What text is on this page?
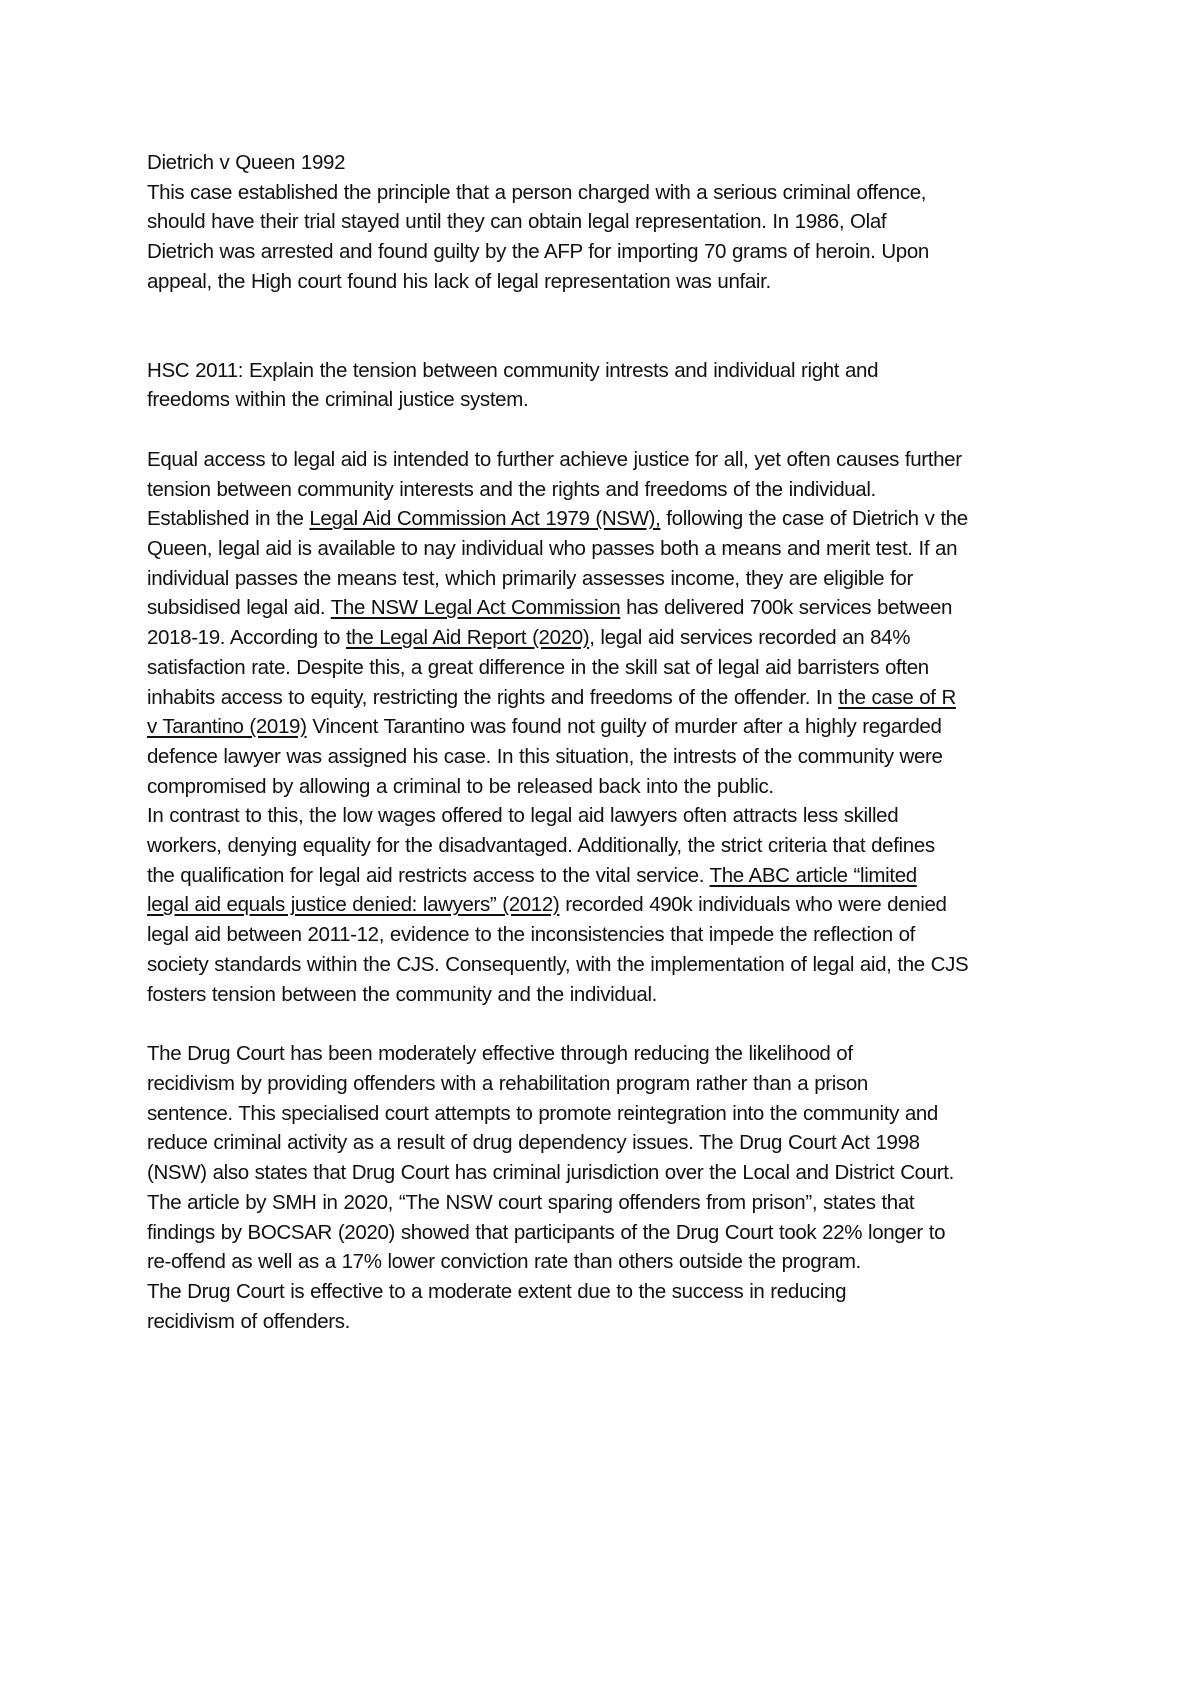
Dietrich v Queen 1992
This case established the principle that a person charged with a serious criminal offence,
should have their trial stayed until they can obtain legal representation. In 1986, Olaf
Dietrich was arrested and found guilty by the AFP for importing 70 grams of heroin. Upon
appeal, the High court found his lack of legal representation was unfair.

HSC 2011: Explain the tension between community intrests and individual right and
freedoms within the criminal justice system.

Equal access to legal aid is intended to further achieve justice for all, yet often causes further
tension between community interests and the rights and freedoms of the individual.
Established in the Legal Aid Commission Act 1979 (NSW), following the case of Dietrich v the
Queen, legal aid is available to nay individual who passes both a means and merit test. If an
individual passes the means test, which primarily assesses income, they are eligible for
subsidised legal aid. The NSW Legal Act Commission has delivered 700k services between
2018-19. According to the Legal Aid Report (2020), legal aid services recorded an 84%
satisfaction rate. Despite this, a great difference in the skill sat of legal aid barristers often
inhabits access to equity, restricting the rights and freedoms of the offender. In the case of R
v Tarantino (2019) Vincent Tarantino was found not guilty of murder after a highly regarded
defence lawyer was assigned his case. In this situation, the intrests of the community were
compromised by allowing a criminal to be released back into the public.

In contrast to this, the low wages offered to legal aid lawyers often attracts less skilled
workers, denying equality for the disadvantaged. Additionally, the strict criteria that defines
the qualification for legal aid restricts access to the vital service. The ABC article “limited
legal aid equals justice denied: lawyers” (2012) recorded 490k individuals who were denied
legal aid between 2011-12, evidence to the inconsistencies that impede the reflection of
society standards within the CJS. Consequently, with the implementation of legal aid, the CJS
fosters tension between the community and the individual.

The Drug Court has been moderately effective through reducing the likelihood of
recidivism by providing offenders with a rehabilitation program rather than a prison
sentence. This specialised court attempts to promote reintegration into the community and
reduce criminal activity as a result of drug dependency issues. The Drug Court Act 1998
(NSW) also states that Drug Court has criminal jurisdiction over the Local and District Court.
The article by SMH in 2020, “The NSW court sparing offenders from prison”, states that
findings by BOCSAR (2020) showed that participants of the Drug Court took 22% longer to
re-offend as well as a 17% lower conviction rate than others outside the program.
The Drug Court is effective to a moderate extent due to the success in reducing
recidivism of offenders.
